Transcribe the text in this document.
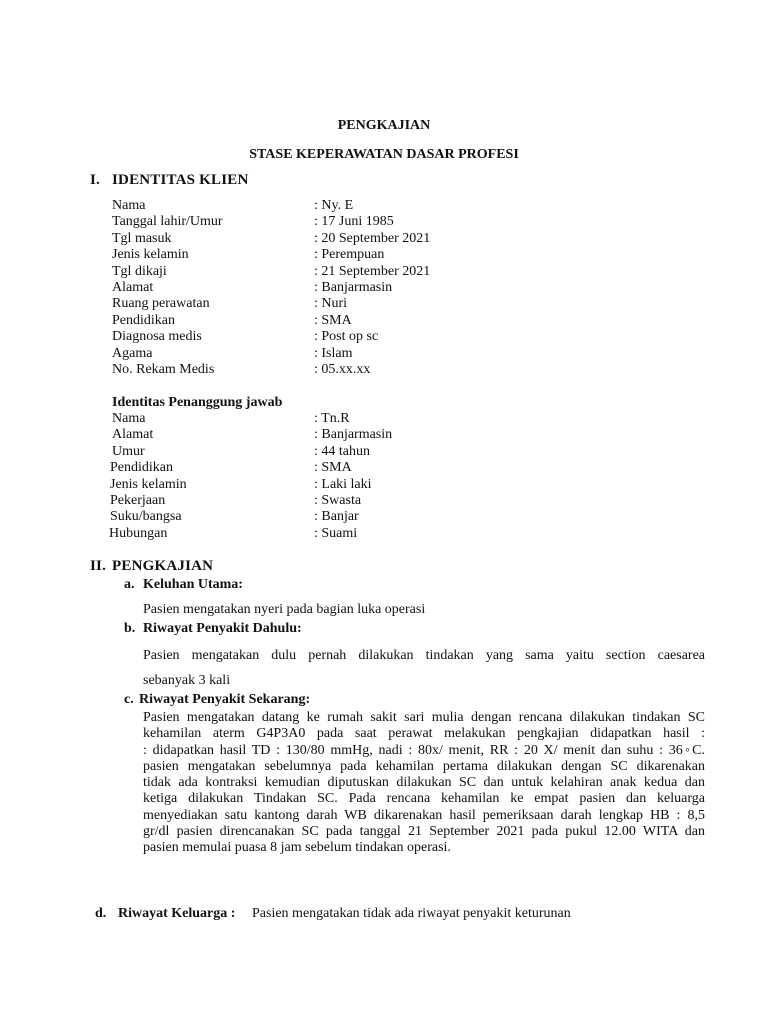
PENGKAJIAN
STASE KEPERAWATAN DASAR PROFESI
I. IDENTITAS KLIEN
Nama	: Ny. E
Tanggal lahir/Umur	: 17 Juni 1985
Tgl masuk	: 20 September 2021
Jenis kelamin	: Perempuan
Tgl dikaji	: 21 September 2021
Alamat	: Banjarmasin
Ruang perawatan	: Nuri
Pendidikan	: SMA
Diagnosa medis	: Post op sc
Agama	: Islam
No. Rekam Medis	: 05.xx.xx
Identitas Penanggung jawab
Nama	: Tn.R
Alamat	: Banjarmasin
Umur	: 44 tahun
Pendidikan	: SMA
Jenis kelamin	: Laki laki
Pekerjaan	: Swasta
Suku/bangsa	: Banjar
Hubungan	: Suami
II. PENGKAJIAN
a. Keluhan Utama:
Pasien mengatakan nyeri pada bagian luka operasi
b. Riwayat Penyakit Dahulu:
Pasien mengatakan dulu pernah dilakukan tindakan yang sama yaitu section caesarea
sebanyak 3 kali
c. Riwayat Penyakit Sekarang:
Pasien mengatakan datang ke rumah sakit sari mulia dengan rencana dilakukan tindakan SC
kehamilan aterm G4P3A0 pada saat perawat melakukan pengkajian didapatkan hasil :
: didapatkan hasil TD : 130/80 mmHg, nadi : 80x/ menit, RR : 20 X/ menit dan suhu : 36◦C.
pasien mengatakan sebelumnya pada kehamilan pertama dilakukan dengan SC dikarenakan
tidak ada kontraksi kemudian diputuskan dilakukan SC dan untuk kelahiran anak kedua dan
ketiga dilakukan Tindakan SC. Pada rencana kehamilan ke empat pasien dan keluarga
menyediakan satu kantong darah WB dikarenakan hasil pemeriksaan darah lengkap HB : 8,5
gr/dl pasien direncanakan SC pada tanggal 21 September 2021 pada pukul 12.00 WITA dan
pasien memulai puasa 8 jam sebelum tindakan operasi.
d. Riwayat Keluarga : Pasien mengatakan tidak ada riwayat penyakit keturunan
